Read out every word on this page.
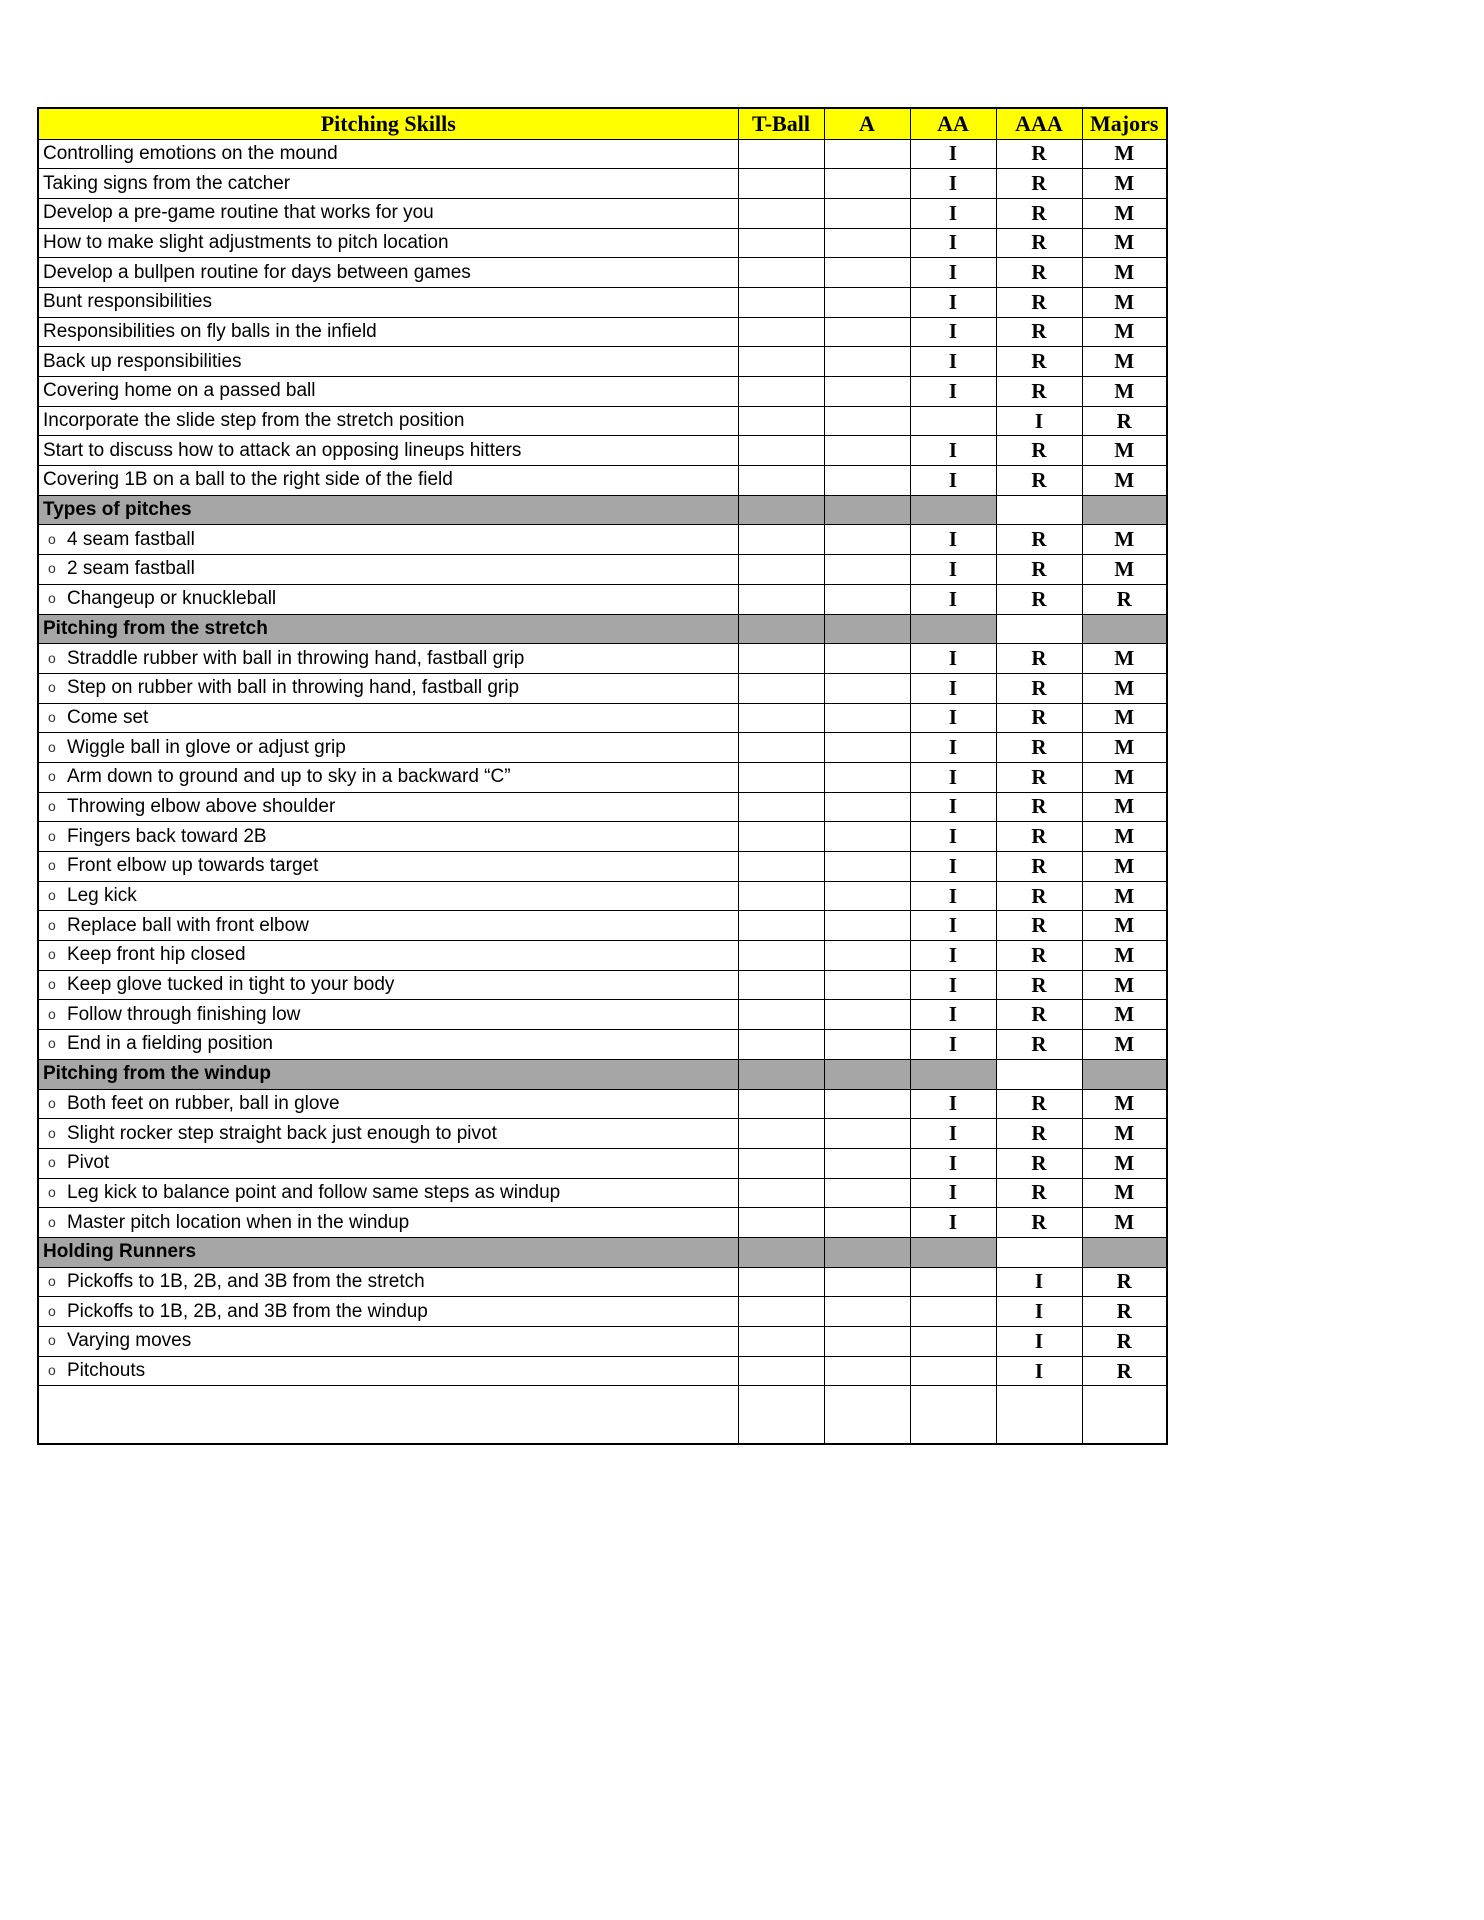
Pitching Skills	T-Ball	A	AA	AAA	Majors
Controlling emotions on the mound			I	R	M
Taking signs from the catcher			I	R	M
Develop a pre-game routine that works for you			I	R	M
How to make slight adjustments to pitch location			I	R	M
Develop a bullpen routine for days between games			I	R	M
Bunt responsibilities			I	R	M
Responsibilities on fly balls in the infield			I	R	M
Back up responsibilities			I	R	M
Covering home on a passed ball			I	R	M
Incorporate the slide step from the stretch position				I	R
Start to discuss how to attack an opposing lineups hitters			I	R	M
Covering 1B on a ball to the right side of the field			I	R	M
Types of pitches					
o 4 seam fastball			I	R	M
o 2 seam fastball			I	R	M
o Changeup or knuckleball			I	R	R
Pitching from the stretch					
o Straddle rubber with ball in throwing hand, fastball grip			I	R	M
o Step on rubber with ball in throwing hand, fastball grip			I	R	M
o Come set			I	R	M
o Wiggle ball in glove or adjust grip			I	R	M
o Arm down to ground and up to sky in a backward “C”			I	R	M
o Throwing elbow above shoulder			I	R	M
o Fingers back toward 2B			I	R	M
o Front elbow up towards target			I	R	M
o Leg kick			I	R	M
o Replace ball with front elbow			I	R	M
o Keep front hip closed			I	R	M
o Keep glove tucked in tight to your body			I	R	M
o Follow through finishing low			I	R	M
o End in a fielding position			I	R	M
Pitching from the windup					
o Both feet on rubber, ball in glove			I	R	M
o Slight rocker step straight back just enough to pivot			I	R	M
o Pivot			I	R	M
o Leg kick to balance point and follow same steps as windup			I	R	M
o Master pitch location when in the windup			I	R	M
Holding Runners					
o Pickoffs to 1B, 2B, and 3B from the stretch				I	R
o Pickoffs to 1B, 2B, and 3B from the windup				I	R
o Varying moves				I	R
o Pitchouts				I	R
